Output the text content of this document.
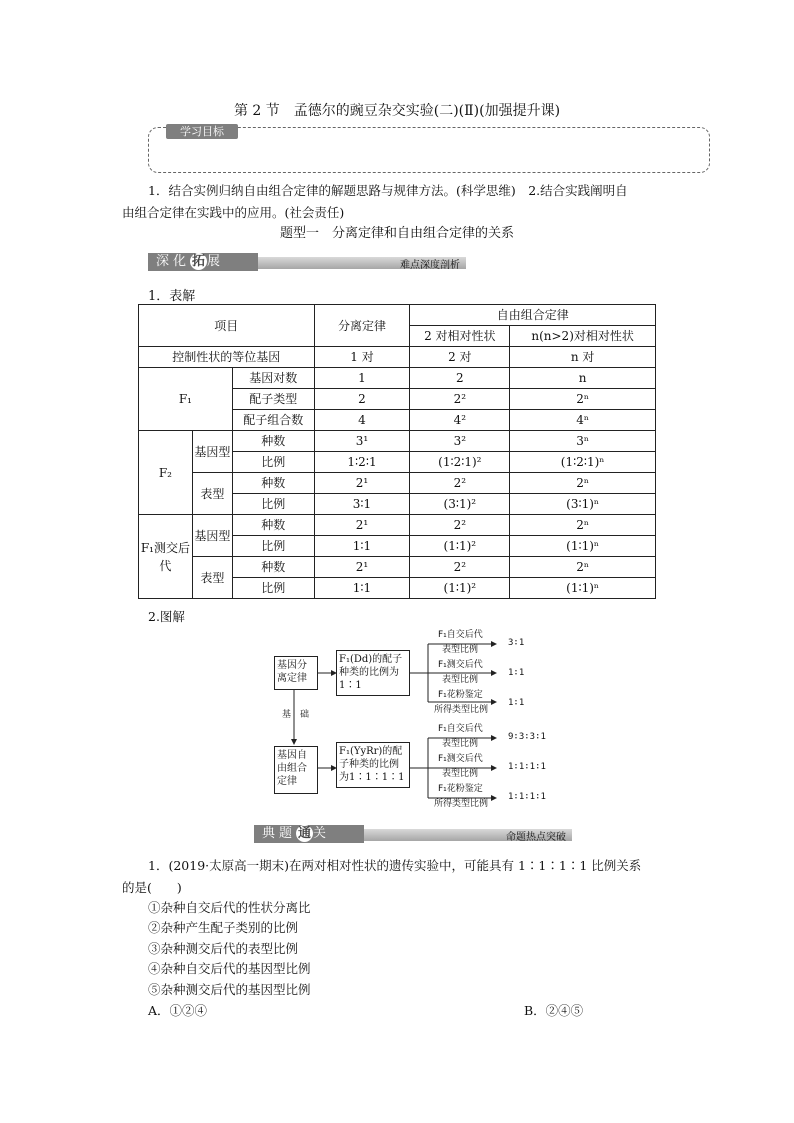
第 2 节　孟德尔的豌豆杂交实验(二)(Ⅱ)(加强提升课)
学习目标
1．结合实例归纳自由组合定律的解题思路与规律方法。(科学思维)　2.结合实践阐明自
由组合定律在实践中的应用。(社会责任)
题型一　分离定律和自由组合定律的关系
深化 拓 展	难点深度剖析
1．表解
项目			分离定律	自由组合定律	
				2 对相对性状	n(n>2)对相对性状
控制性状的等位基因			1 对	2 对	n 对
F₁		基因对数	1	2	n
		配子类型	2	2²	2ⁿ
		配子组合数	4	4²	4ⁿ
F₂	基因型	种数	3¹	3²	3ⁿ
		比例	1∶2∶1	(1∶2∶1)²	(1∶2∶1)ⁿ
	表型	种数	2¹	2²	2ⁿ
		比例	3∶1	(3∶1)²	(3∶1)ⁿ
F₁测交后代	基因型	种数	2¹	2²	2ⁿ
		比例	1∶1	(1∶1)²	(1∶1)ⁿ
	表型	种数	2¹	2²	2ⁿ
		比例	1∶1	(1∶1)²	(1∶1)ⁿ
2.图解
基因分离定律
F₁(Dd)的配子种类的比例为1∶1
基因自由组合定律
F₁(YyRr)的配子种类的比例为1∶1∶1∶1
基　础
F₁自交后代
表型比例
3∶1
F₁测交后代
表型比例
1∶1
F₁花粉鉴定
所得类型比例
1∶1
F₁自交后代
表型比例
9∶3∶3∶1
F₁测交后代
表型比例
1∶1∶1∶1
F₁花粉鉴定
所得类型比例
1∶1∶1∶1
典题 通 关	命题热点突破
1．(2019·太原高一期末)在两对相对性状的遗传实验中，可能具有 1∶1∶1∶1 比例关系
的是(　　)
①杂种自交后代的性状分离比
②杂种产生配子类别的比例
③杂种测交后代的表型比例
④杂种自交后代的基因型比例
⑤杂种测交后代的基因型比例
A．①②④	B．②④⑤
